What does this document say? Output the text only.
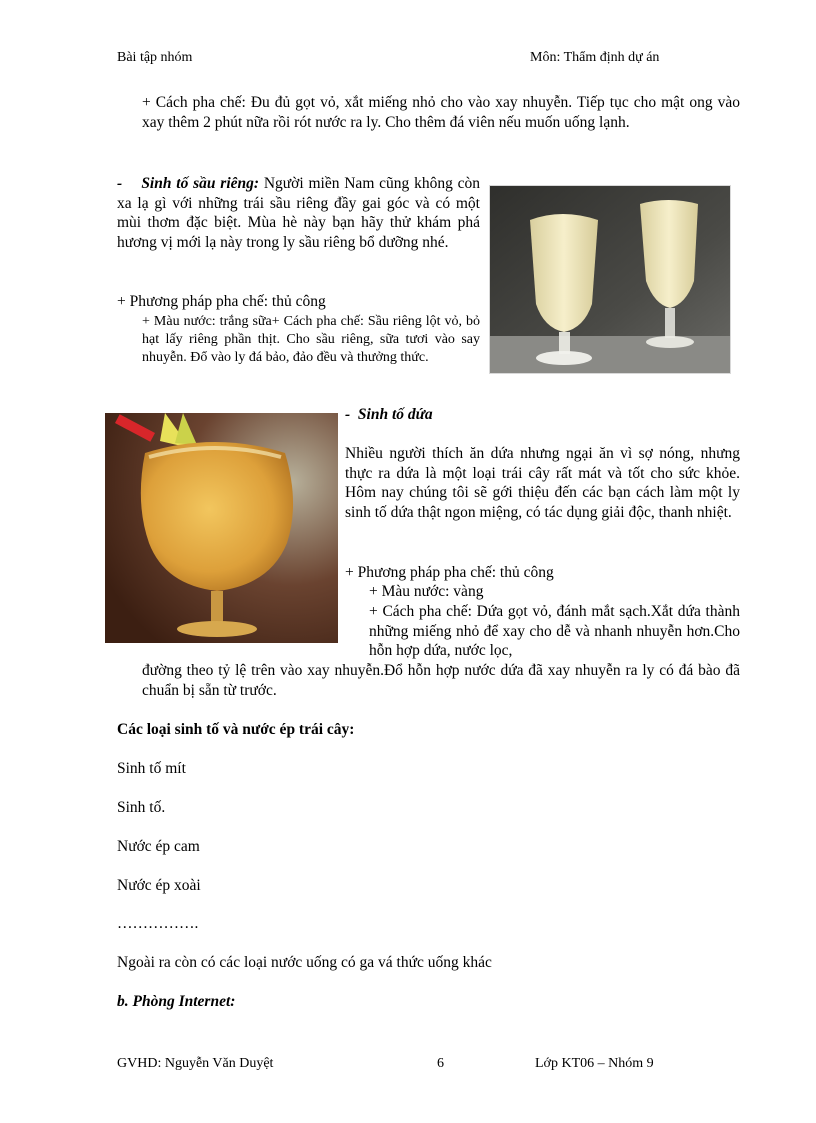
Bài tập nhóm	Môn: Thẩm định dự án
+ Cách pha chế: Đu đủ gọt vỏ, xắt miếng nhỏ cho vào xay nhuyễn. Tiếp tục cho mật ong vào xay thêm 2 phút nữa rồi rót nước ra ly. Cho thêm đá viên nếu muốn uống lạnh.
- Sinh tố sầu riêng: Người miền Nam cũng không còn xa lạ gì với những trái sầu riêng đầy gai góc và có một mùi thơm đặc biệt. Mùa hè này bạn hãy thử khám phá hương vị mới lạ này trong ly sầu riêng bổ dưỡng nhé.
+ Phương pháp pha chế: thủ công
+ Màu nước: trắng sữa+ Cách pha chế: Sầu riêng lột vỏ, bỏ hạt lấy riêng phần thịt. Cho sầu riêng, sữa tươi vào say nhuyễn. Đổ vào ly đá bảo, đảo đều và thưởng thức.
- Sinh tố dứa
Nhiều người thích ăn dứa nhưng ngại ăn vì sợ nóng, nhưng thực ra dứa là một loại trái cây rất mát và tốt cho sức khỏe. Hôm nay chúng tôi sẽ gới thiệu đến các bạn cách làm một ly sinh tố dứa thật ngon miệng, có tác dụng giải độc, thanh nhiệt.
+ Phương pháp pha chế: thủ công
+ Màu nước: vàng
+ Cách pha chế: Dứa gọt vỏ, đánh mắt sạch.Xắt dứa thành những miếng nhỏ để xay cho dễ và nhanh nhuyễn hơn.Cho hỗn hợp dứa, nước lọc,
đường theo tỷ lệ trên vào xay nhuyễn.Đổ hỗn hợp nước dứa đã xay nhuyễn ra ly có đá bào đã chuẩn bị sẵn từ trước.
Các loại sinh tố và nước ép trái cây:
Sinh tố mít
Sinh tố.
Nước ép cam
Nước ép xoài
…………….
Ngoài ra còn có các loại nước uống có ga vá thức uống khác
b. Phòng Internet:
GVHD: Nguyễn Văn Duyệt	6	Lớp KT06 – Nhóm 9
